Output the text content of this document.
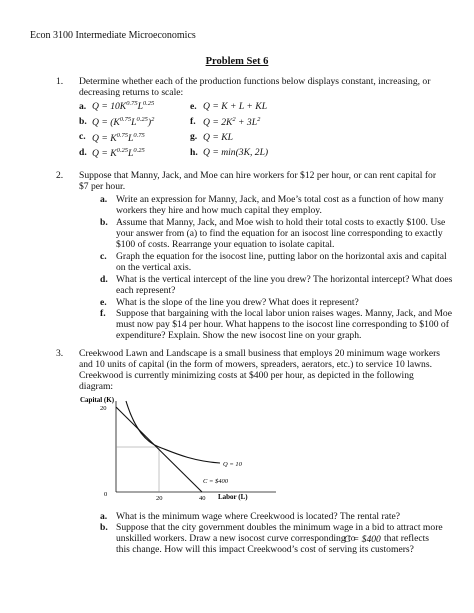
Econ 3100 Intermediate Microeconomics
Problem Set 6
1. Determine whether each of the production functions below displays constant, increasing, or
decreasing returns to scale:
a. $Q = 10K^{0.75}L^{0.25}$
b. $Q = (K^{0.75}L^{0.25})^2$
c. $Q = K^{0.75}L^{0.75}$
d. $Q = K^{0.25}L^{0.25}$
e. Q = K + L + KL
f. $Q = 2K^2 + 3L^2$
g. Q = KL
h. Q = min(3K, 2L)
2. Suppose that Manny, Jack, and Moe can hire workers for $12 per hour, or can rent capital for
$7 per hour.
a. Write an expression for Manny, Jack, and Moe’s total cost as a function of how many
workers they hire and how much capital they employ.
b. Assume that Manny, Jack, and Moe wish to hold their total costs to exactly $100. Use
your answer from (a) to find the equation for an isocost line corresponding to exactly
$100 of costs. Rearrange your equation to isolate capital.
c. Graph the equation for the isocost line, putting labor on the horizontal axis and capital
on the vertical axis.
d. What is the vertical intercept of the line you drew? The horizontal intercept? What does
each represent?
e. What is the slope of the line you drew? What does it represent?
f. Suppose that bargaining with the local labor union raises wages. Manny, Jack, and Moe
must now pay $14 per hour. What happens to the isocost line corresponding to $100 of
expenditure? Explain. Show the new isocost line on your graph.
3. Creekwood Lawn and Landscape is a small business that employs 20 minimum wage workers
and 10 units of capital (in the form of mowers, spreaders, aerators, etc.) to service 10 lawns.
Creekwood is currently minimizing costs at $400 per hour, as depicted in the following
diagram:
Capital (K)
20
0
20	40 Labor (L)
Q = 10
C = $400
a. What is the minimum wage where Creekwood is located? The rental rate?
b. Suppose that the city government doubles the minimum wage in a bid to attract more
unskilled workers. Draw a new isocost curve corresponding to
C = $400 that reflects
this change. How will this impact Creekwood’s cost of serving its customers?
